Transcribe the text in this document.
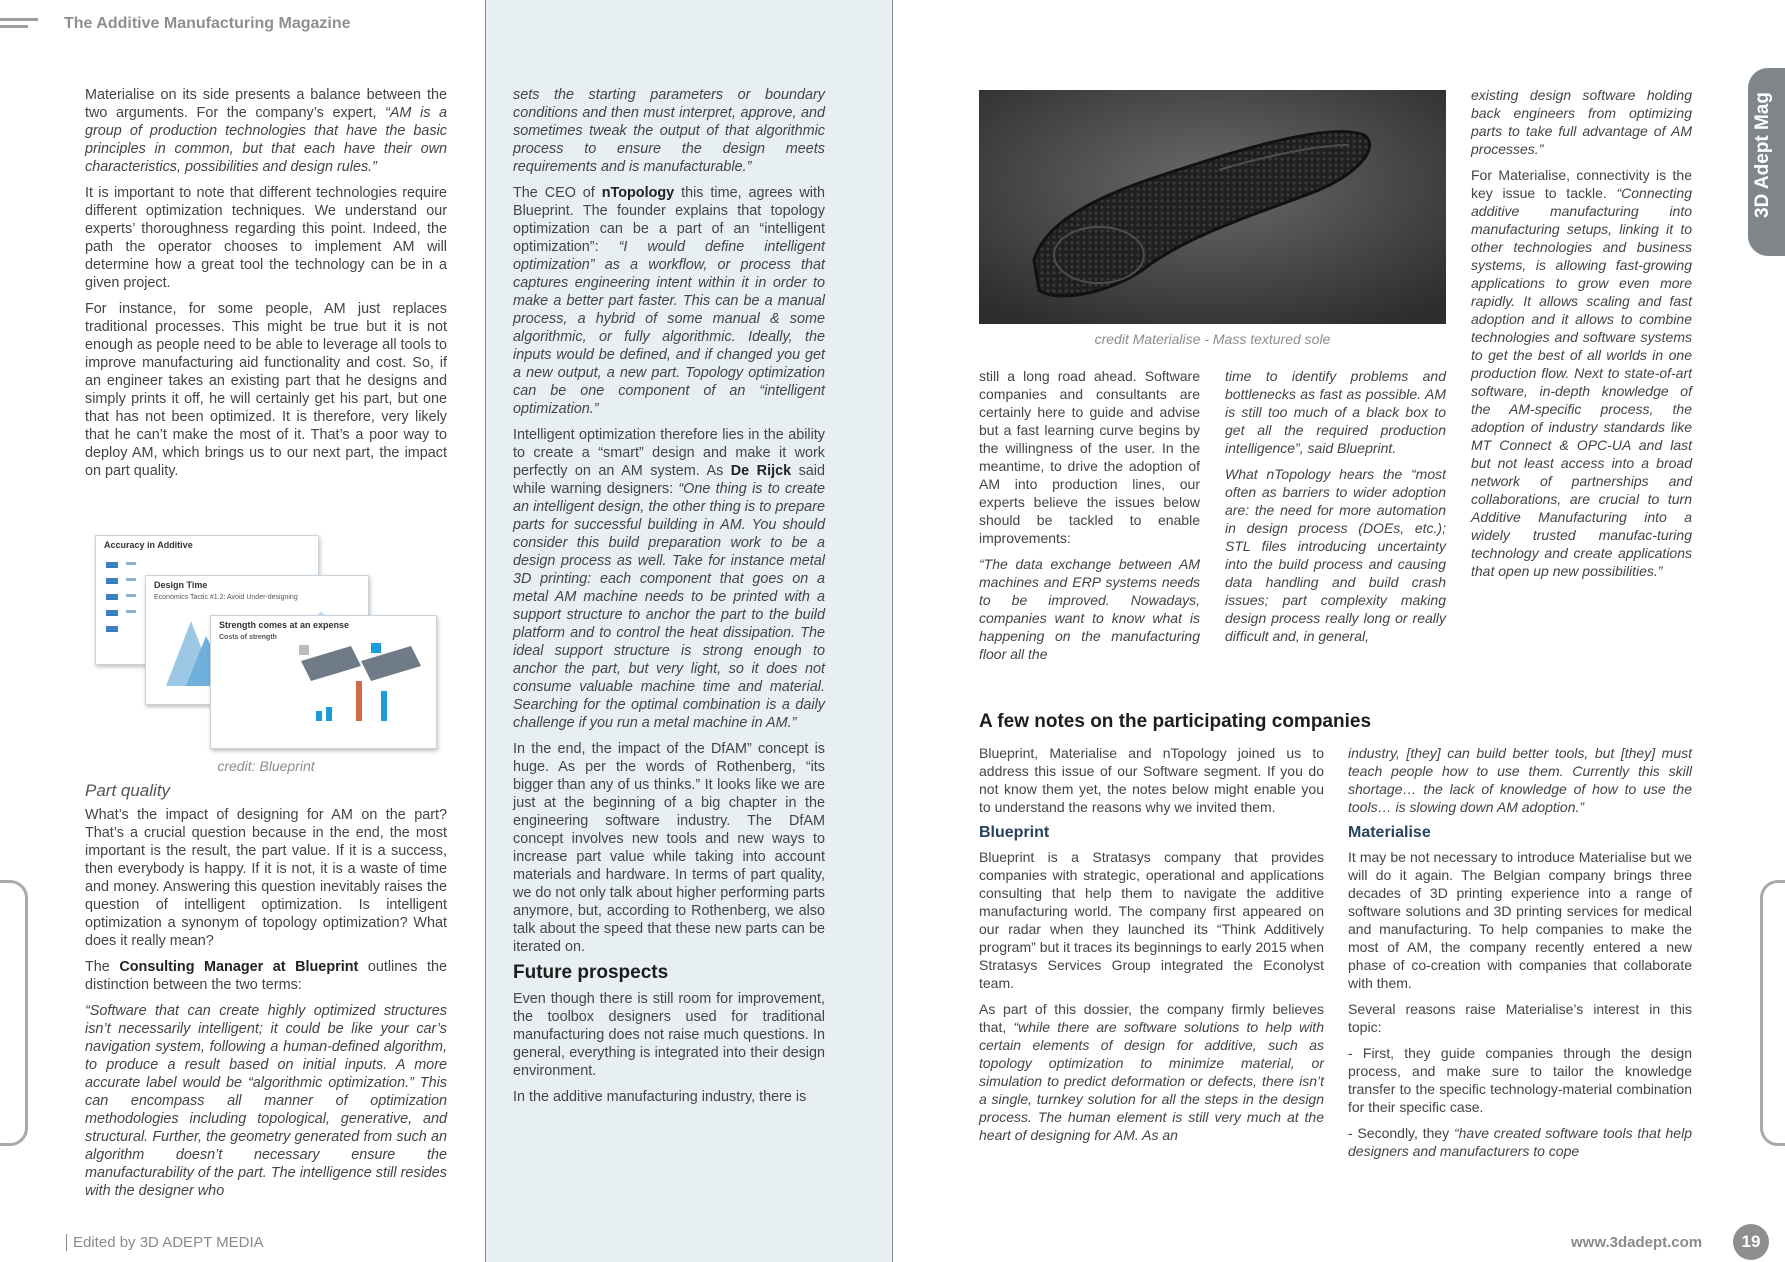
The Additive Manufacturing Magazine

Materialise on its side presents a balance between the two arguments. For the company’s expert, “AM is a group of production technologies that have the basic principles in common, but that each have their own characteristics, possibilities and design rules.”

It is important to note that different technologies require different optimization techniques. We understand our experts’ thoroughness regarding this point. Indeed, the path the operator chooses to implement AM will determine how a great tool the technology can be in a given project.

For instance, for some people, AM just replaces traditional processes. This might be true but it is not enough as people need to be able to leverage all tools to improve manufacturing aid functionality and cost. So, if an engineer takes an existing part that he designs and simply prints it off, he will certainly get his part, but one that has not been optimized. It is therefore, very likely that he can’t make the most of it. That’s a poor way to deploy AM, which brings us to our next part, the impact on part quality.

Accuracy in Additive
Design Time
Economics Tactic #1.2: Avoid Under-designing
Strength comes at an expense
Costs of strength
credit: Blueprint
Part quality

What’s the impact of designing for AM on the part? That’s a crucial question because in the end, the most important is the result, the part value. If it is a success, then everybody is happy. If it is not, it is a waste of time and money. Answering this question inevitably raises the question of intelligent optimization. Is intelligent optimization a synonym of topology optimization? What does it really mean?

The Consulting Manager at Blueprint outlines the distinction between the two terms:

“Software that can create highly optimized structures isn’t necessarily intelligent; it could be like your car’s navigation system, following a human-defined algorithm, to produce a result based on initial inputs. A more accurate label would be “algorithmic optimization.” This can encompass all manner of optimization methodologies including topological, generative, and structural. Further, the geometry generated from such an algorithm doesn’t necessary ensure the manufacturability of the part. The intelligence still resides with the designer who

sets the starting parameters or boundary conditions and then must interpret, approve, and sometimes tweak the output of that algorithmic process to ensure the design meets requirements and is manufacturable.”

The CEO of nTopology this time, agrees with Blueprint. The founder explains that topology optimization can be a part of an “intelligent optimization”: “I would define intelligent optimization” as a workflow, or process that captures engineering intent within it in order to make a better part faster. This can be a manual process, a hybrid of some manual & some algorithmic, or fully algorithmic. Ideally, the inputs would be defined, and if changed you get a new output, a new part. Topology optimization can be one component of an “intelligent optimization.”

Intelligent optimization therefore lies in the ability to create a “smart” design and make it work perfectly on an AM system. As De Rijck said while warning designers: “One thing is to create an intelligent design, the other thing is to prepare parts for successful building in AM. You should consider this build preparation work to be a design process as well. Take for instance metal 3D printing: each component that goes on a metal AM machine needs to be printed with a support structure to anchor the part to the build platform and to control the heat dissipation. The ideal support structure is strong enough to anchor the part, but very light, so it does not consume valuable machine time and material. Searching for the optimal combination is a daily challenge if you run a metal machine in AM.”

In the end, the impact of the DfAM” concept is huge. As per the words of Rothenberg, “its bigger than any of us thinks.” It looks like we are just at the beginning of a big chapter in the engineering software industry. The DfAM concept involves new tools and new ways to increase part value while taking into account materials and hardware. In terms of part quality, we do not only talk about higher performing parts anymore, but, according to Rothenberg, we also talk about the speed that these new parts can be iterated on.

Future prospects

Even though there is still room for improvement, the toolbox designers used for traditional manufacturing does not raise much questions. In general, everything is integrated into their design environment.

In the additive manufacturing industry, there is

credit Materialise - Mass textured sole

still a long road ahead. Software companies and consultants are certainly here to guide and advise but a fast learning curve begins by the willingness of the user. In the meantime, to drive the adoption of AM into production lines, our experts believe the issues below should be tackled to enable improvements:

“The data exchange between AM machines and ERP systems needs to be improved. Nowadays, companies want to know what is happening on the manufacturing floor all the

time to identify problems and bottlenecks as fast as possible. AM is still too much of a black box to get all the required production intelligence”, said Blueprint.

What nTopology hears the “most often as barriers to wider adoption are: the need for more automation in design process (DOEs, etc.); STL files introducing uncertainty into the build process and causing data handling and build crash issues; part complexity making design process really long or really difficult and, in general,

existing design software holding back engineers from optimizing parts to take full advantage of AM processes.”

For Materialise, connectivity is the key issue to tackle. “Connecting additive manufacturing into manufacturing setups, linking it to other technologies and business systems, is allowing fast-growing applications to grow even more rapidly. It allows scaling and fast adoption and it allows to combine technologies and software systems to get the best of all worlds in one production flow. Next to state-of-art software, in-depth knowledge of the AM-specific process, the adoption of industry standards like MT Connect & OPC-UA and last but not least access into a broad network of partnerships and collaborations, are crucial to turn Additive Manufacturing into a widely trusted manufac-turing technology and create applications that open up new possibilities.”

A few notes on the participating companies

Blueprint, Materialise and nTopology joined us to address this issue of our Software segment. If you do not know them yet, the notes below might enable you to understand the reasons why we invited them.

Blueprint

Blueprint is a Stratasys company that provides companies with strategic, operational and applications consulting that help them to navigate the additive manufacturing world. The company first appeared on our radar when they launched its “Think Additively program” but it traces its beginnings to early 2015 when Stratasys Services Group integrated the Econolyst team.

As part of this dossier, the company firmly believes that, “while there are software solutions to help with certain elements of design for additive, such as topology optimization to minimize material, or simulation to predict deformation or defects, there isn’t a single, turnkey solution for all the steps in the design process. The human element is still very much at the heart of designing for AM. As an

industry, [they] can build better tools, but [they] must teach people how to use them. Currently this skill shortage… the lack of knowledge of how to use the tools… is slowing down AM adoption.”

Materialise

It may be not necessary to introduce Materialise but we will do it again. The Belgian company brings three decades of 3D printing experience into a range of software solutions and 3D printing services for medical and manufacturing. To help companies to make the most of AM, the company recently entered a new phase of co-creation with companies that collaborate with them.

Several reasons raise Materialise’s interest in this topic:

- First, they guide companies through the design process, and make sure to tailor the knowledge transfer to the specific technology-material combination for their specific case.

- Secondly, they “have created software tools that help designers and manufacturers to cope

3D Adept Mag
Edited by 3D ADEPT MEDIA	www.3dadept.com	19
